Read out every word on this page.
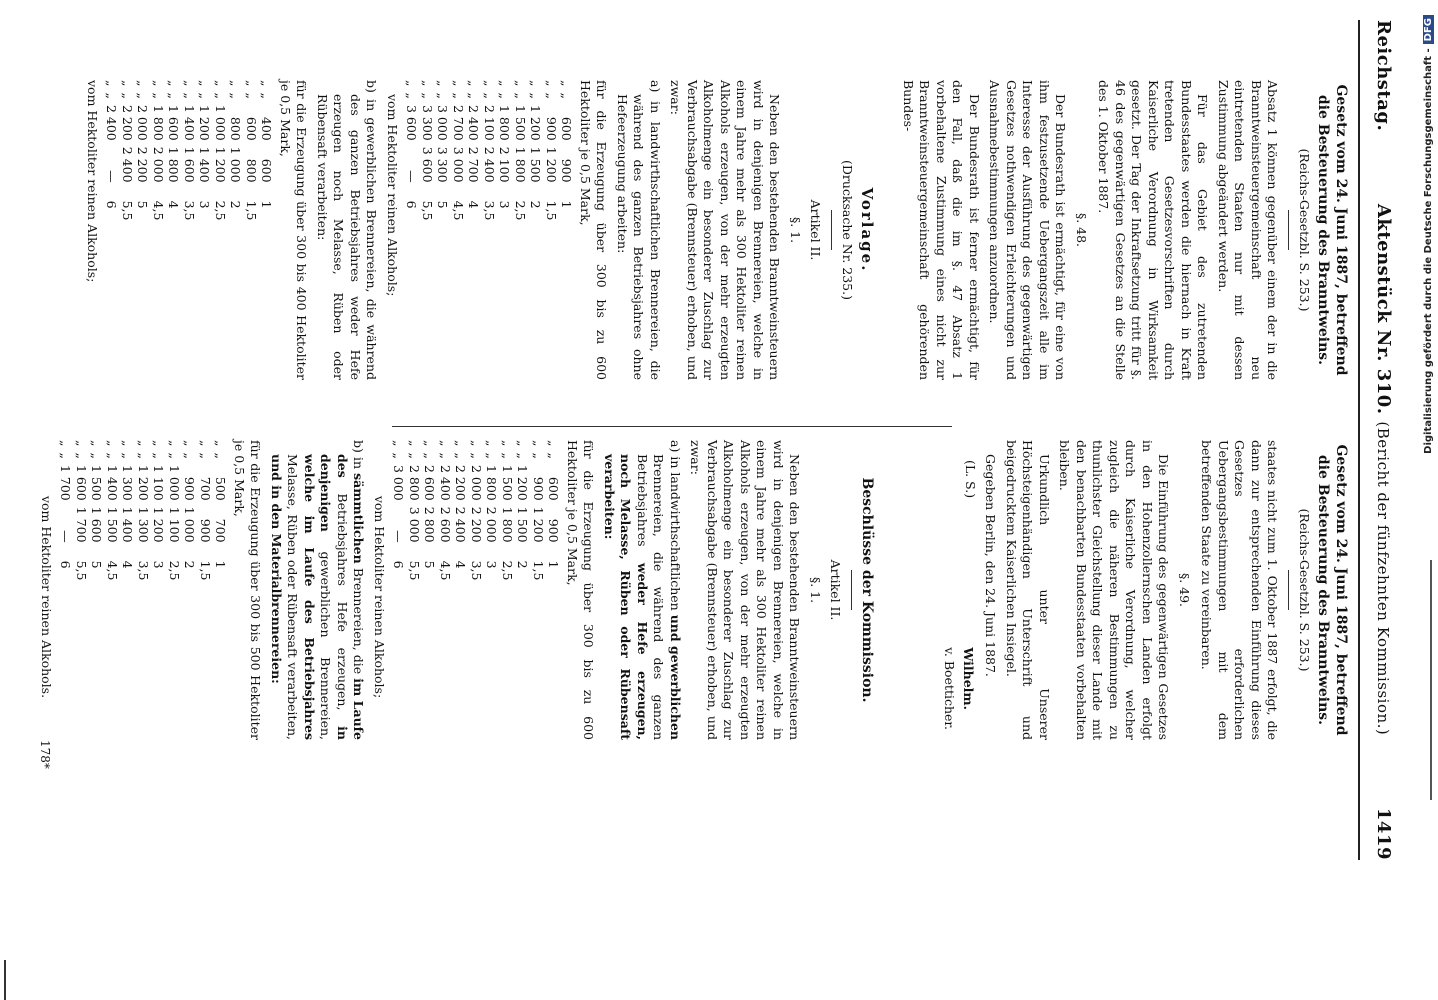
Reichstag.
Aktenstück Nr. 310. (Bericht der fünfzehnten Kommission.)
1419
Gesetz vom 24. Juni 1887, betreffend die Besteuerung des Branntweins.
(Reichs-Gesetzbl. S. 253.)

Absatz 1 können gegenüber einem der in die Branntweinsteuergemeinschaft neu eintretenden Staaten nur mit dessen Zustimmung abgeändert werden.

Für das Gebiet des zutretenden Bundesstaates werden die hiernach in Kraft tretenden Gesetzesvorschriften durch Kaiserliche Verordnung in Wirksamkeit gesetzt. Der Tag der Inkraftsetzung tritt für §. 46 des gegenwärtigen Gesetzes an die Stelle des 1. Oktober 1887.

§. 48.

Der Bundesrath ist ermächtigt, für eine von ihm festzusetzende Uebergangszeit alle im Interesse der Ausführung des gegenwärtigen Gesetzes nothwendigen Erleichterungen und Ausnahmebestimmungen anzuordnen.

Der Bundesrath ist ferner ermächtigt, für den Fall, daß die im §. 47 Absatz 1 vorbehaltene Zustimmung eines nicht zur Branntweinsteuergemeinschaft gehörenden Bundes-

Vorlage.
(Drucksache Nr. 235.)
Artikel II.
§. 1.

Neben den bestehenden Branntweinsteuern wird in denjenigen Brennereien, welche in einem Jahre mehr als 300 Hektoliter reinen Alkohols erzeugen, von der mehr erzeugten Alkoholmenge ein besonderer Zuschlag zur Verbrauchsabgabe (Brennsteuer) erhoben, und zwar:

a) in landwirthschaftlichen Brennereien, die während des ganzen Betriebsjahres ohne Hefeerzeugung arbeiten:

für die Erzeugung über 300 bis zu 600 Hektoliter je 0,5 Mark,

„	„	600	900	1
„	„	900	1 200	1,5
„	„	1 200	1 500	2
„	„	1 500	1 800	2,5
„	„	1 800	2 100	3
„	„	2 100	2 400	3,5
„	„	2 400	2 700	4
„	„	2 700	3 000	4,5
„	„	3 000	3 300	5
„	„	3 300	3 600	5,5
„	„	3 600	—	6

vom Hektoliter reinen Alkohols;

b) in gewerblichen Brennereien, die während des ganzen Betriebsjahres weder Hefe erzeugen noch Melasse, Rüben oder Rübensaft verarbeiten:

für die Erzeugung über 300 bis 400 Hektoliter je 0,5 Mark,

„	„	400	600	1
„	„	600	800	1,5
„	„	800	1 000	2
„	„	1 000	1 200	2,5
„	„	1 200	1 400	3
„	„	1 400	1 600	3,5
„	„	1 600	1 800	4
„	„	1 800	2 000	4,5
„	„	2 000	2 200	5
„	„	2 200	2 400	5,5
„	„	2 400	—	6

vom Hektoliter reinen Alkohols;

Gesetz vom 24. Juni 1887, betreffend die Besteuerung des Branntweins.
(Reichs-Gesetzbl. S. 253.)

staates nicht zum 1. Oktober 1887 erfolgt, die dann zur entsprechenden Einführung dieses Gesetzes erforderlichen Uebergangsbestimmungen mit dem betreffenden Staate zu vereinbaren.

§. 49.

Die Einführung des gegenwärtigen Gesetzes in den Hohenzollernschen Landen erfolgt durch Kaiserliche Verordnung, welcher zugleich die näheren Bestimmungen zu thunlichster Gleichstellung dieser Lande mit den benachbarten Bundesstaaten vorbehalten bleiben.

Urkundlich unter Unserer Höchsteigenhändigen Unterschrift und beigedrucktem Kaiserlichen Insiegel.

Gegeben Berlin, den 24. Juni 1887.

(L. S.)
Wilhelm.
v. Boetticher.
Beschlüsse der Kommission.
Artikel II.
§. 1.

Neben den bestehenden Branntweinsteuern wird in denjenigen Brennereien, welche in einem Jahre mehr als 300 Hektoliter reinen Alkohols erzeugen, von der mehr erzeugten Alkoholmenge ein besonderer Zuschlag zur Verbrauchsabgabe (Brennsteuer) erhoben, und zwar:

a) in landwirthschaftlichen und gewerblichen Brennereien, die während des ganzen Betriebsjahres weder Hefe erzeugen, noch Melasse, Rüben oder Rübensaft verarbeiten:

für die Erzeugung über 300 bis zu 600 Hektoliter je 0,5 Mark,

„	„	600	900	1
„	„	900	1 200	1,5
„	„	1 200	1 500	2
„	„	1 500	1 800	2,5
„	„	1 800	2 000	3
„	„	2 000	2 200	3,5
„	„	2 200	2 400	4
„	„	2 400	2 600	4,5
„	„	2 600	2 800	5
„	„	2 800	3 000	5,5
„	„	3 000	—	6

vom Hektoliter reinen Alkohols;

b) in sämmtlichen Brennereien, die im Laufe des Betriebsjahres Hefe erzeugen, in denjenigen gewerblichen Brennereien, welche im Laufe des Betriebsjahres Melasse, Rüben oder Rübensaft verarbeiten, und in den Materialbrennereien:

für die Erzeugung über 300 bis 500 Hektoliter je 0,5 Mark,

„	„	500	700	1
„	„	700	900	1,5
„	„	900	1 000	2
„	„	1 000	1 100	2,5
„	„	1 100	1 200	3
„	„	1 200	1 300	3,5
„	„	1 300	1 400	4
„	„	1 400	1 500	4,5
„	„	1 500	1 600	5
„	„	1 600	1 700	5,5
„	„	1 700	—	6

vom Hektoliter reinen Alkohols.

178*
Digitalisierung gefördert durch die Deutsche Forschungsgemeinschaft -
DFG
